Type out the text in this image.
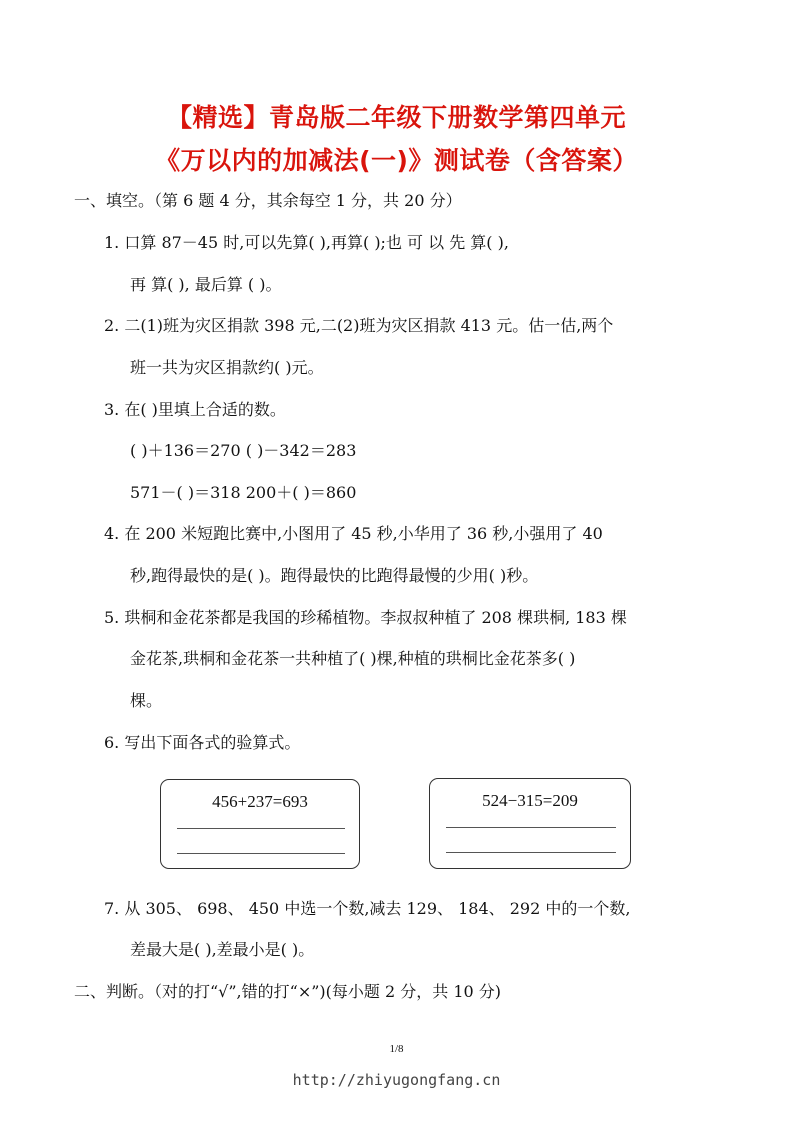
【精选】青岛版二年级下册数学第四单元
《万以内的加减法(一)》测试卷（含答案）
一、填空。（第 6 题 4 分，其余每空 1 分，共 20 分）
1. 口算 87－45 时,可以先算( ),再算( );也 可 以 先 算( ),
再 算( ), 最后算 ( )。
2. 二(1)班为灾区捐款 398 元,二(2)班为灾区捐款 413 元。估一估,两个
班一共为灾区捐款约( )元。
3. 在( )里填上合适的数。
( )＋136＝270 ( )－342＝283
571－( )＝318 200＋( )＝860
4. 在 200 米短跑比赛中,小图用了 45 秒,小华用了 36 秒,小强用了 40
秒,跑得最快的是( )。跑得最快的比跑得最慢的少用( )秒。
5. 珙桐和金花茶都是我国的珍稀植物。李叔叔种植了 208 棵珙桐, 183 棵
金花茶,珙桐和金花茶一共种植了( )棵,种植的珙桐比金花茶多( )
棵。
6. 写出下面各式的验算式。
456+237=693	524−315=209
7. 从 305、 698、 450 中选一个数,减去 129、 184、 292 中的一个数,
差最大是( ),差最小是( )。
二、判断。（对的打“√”,错的打“×”)(每小题 2 分，共 10 分)
1/8
http://zhiyugongfang.cn
